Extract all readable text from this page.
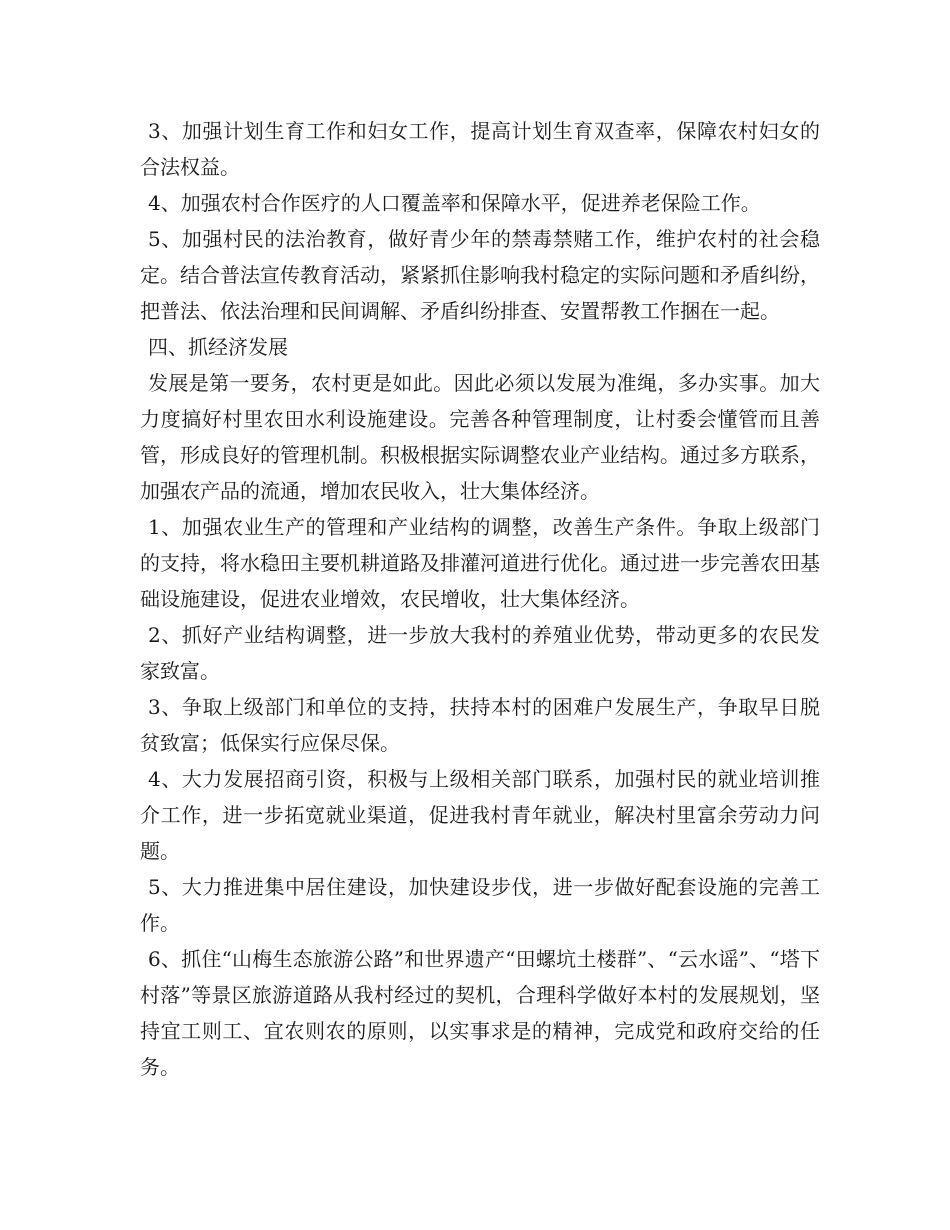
3、加强计划生育工作和妇女工作，提高计划生育双查率，保障农村妇女的合法权益。

4、加强农村合作医疗的人口覆盖率和保障水平，促进养老保险工作。

5、加强村民的法治教育，做好青少年的禁毒禁赌工作，维护农村的社会稳定。结合普法宣传教育活动，紧紧抓住影响我村稳定的实际问题和矛盾纠纷，把普法、依法治理和民间调解、矛盾纠纷排查、安置帮教工作捆在一起。

四、抓经济发展

发展是第一要务，农村更是如此。因此必须以发展为准绳，多办实事。加大力度搞好村里农田水利设施建设。完善各种管理制度，让村委会懂管而且善管，形成良好的管理机制。积极根据实际调整农业产业结构。通过多方联系，加强农产品的流通，增加农民收入，壮大集体经济。

1、加强农业生产的管理和产业结构的调整，改善生产条件。争取上级部门的支持，将水稳田主要机耕道路及排灌河道进行优化。通过进一步完善农田基础设施建设，促进农业增效，农民增收，壮大集体经济。

2、抓好产业结构调整，进一步放大我村的养殖业优势，带动更多的农民发家致富。

3、争取上级部门和单位的支持，扶持本村的困难户发展生产，争取早日脱贫致富；低保实行应保尽保。

4、大力发展招商引资，积极与上级相关部门联系，加强村民的就业培训推介工作，进一步拓宽就业渠道，促进我村青年就业，解决村里富余劳动力问题。

5、大力推进集中居住建设，加快建设步伐，进一步做好配套设施的完善工作。

6、抓住“山梅生态旅游公路”和世界遗产“田螺坑土楼群”、“云水谣”、“塔下村落”等景区旅游道路从我村经过的契机，合理科学做好本村的发展规划，坚持宜工则工、宜农则农的原则，以实事求是的精神，完成党和政府交给的任务。
